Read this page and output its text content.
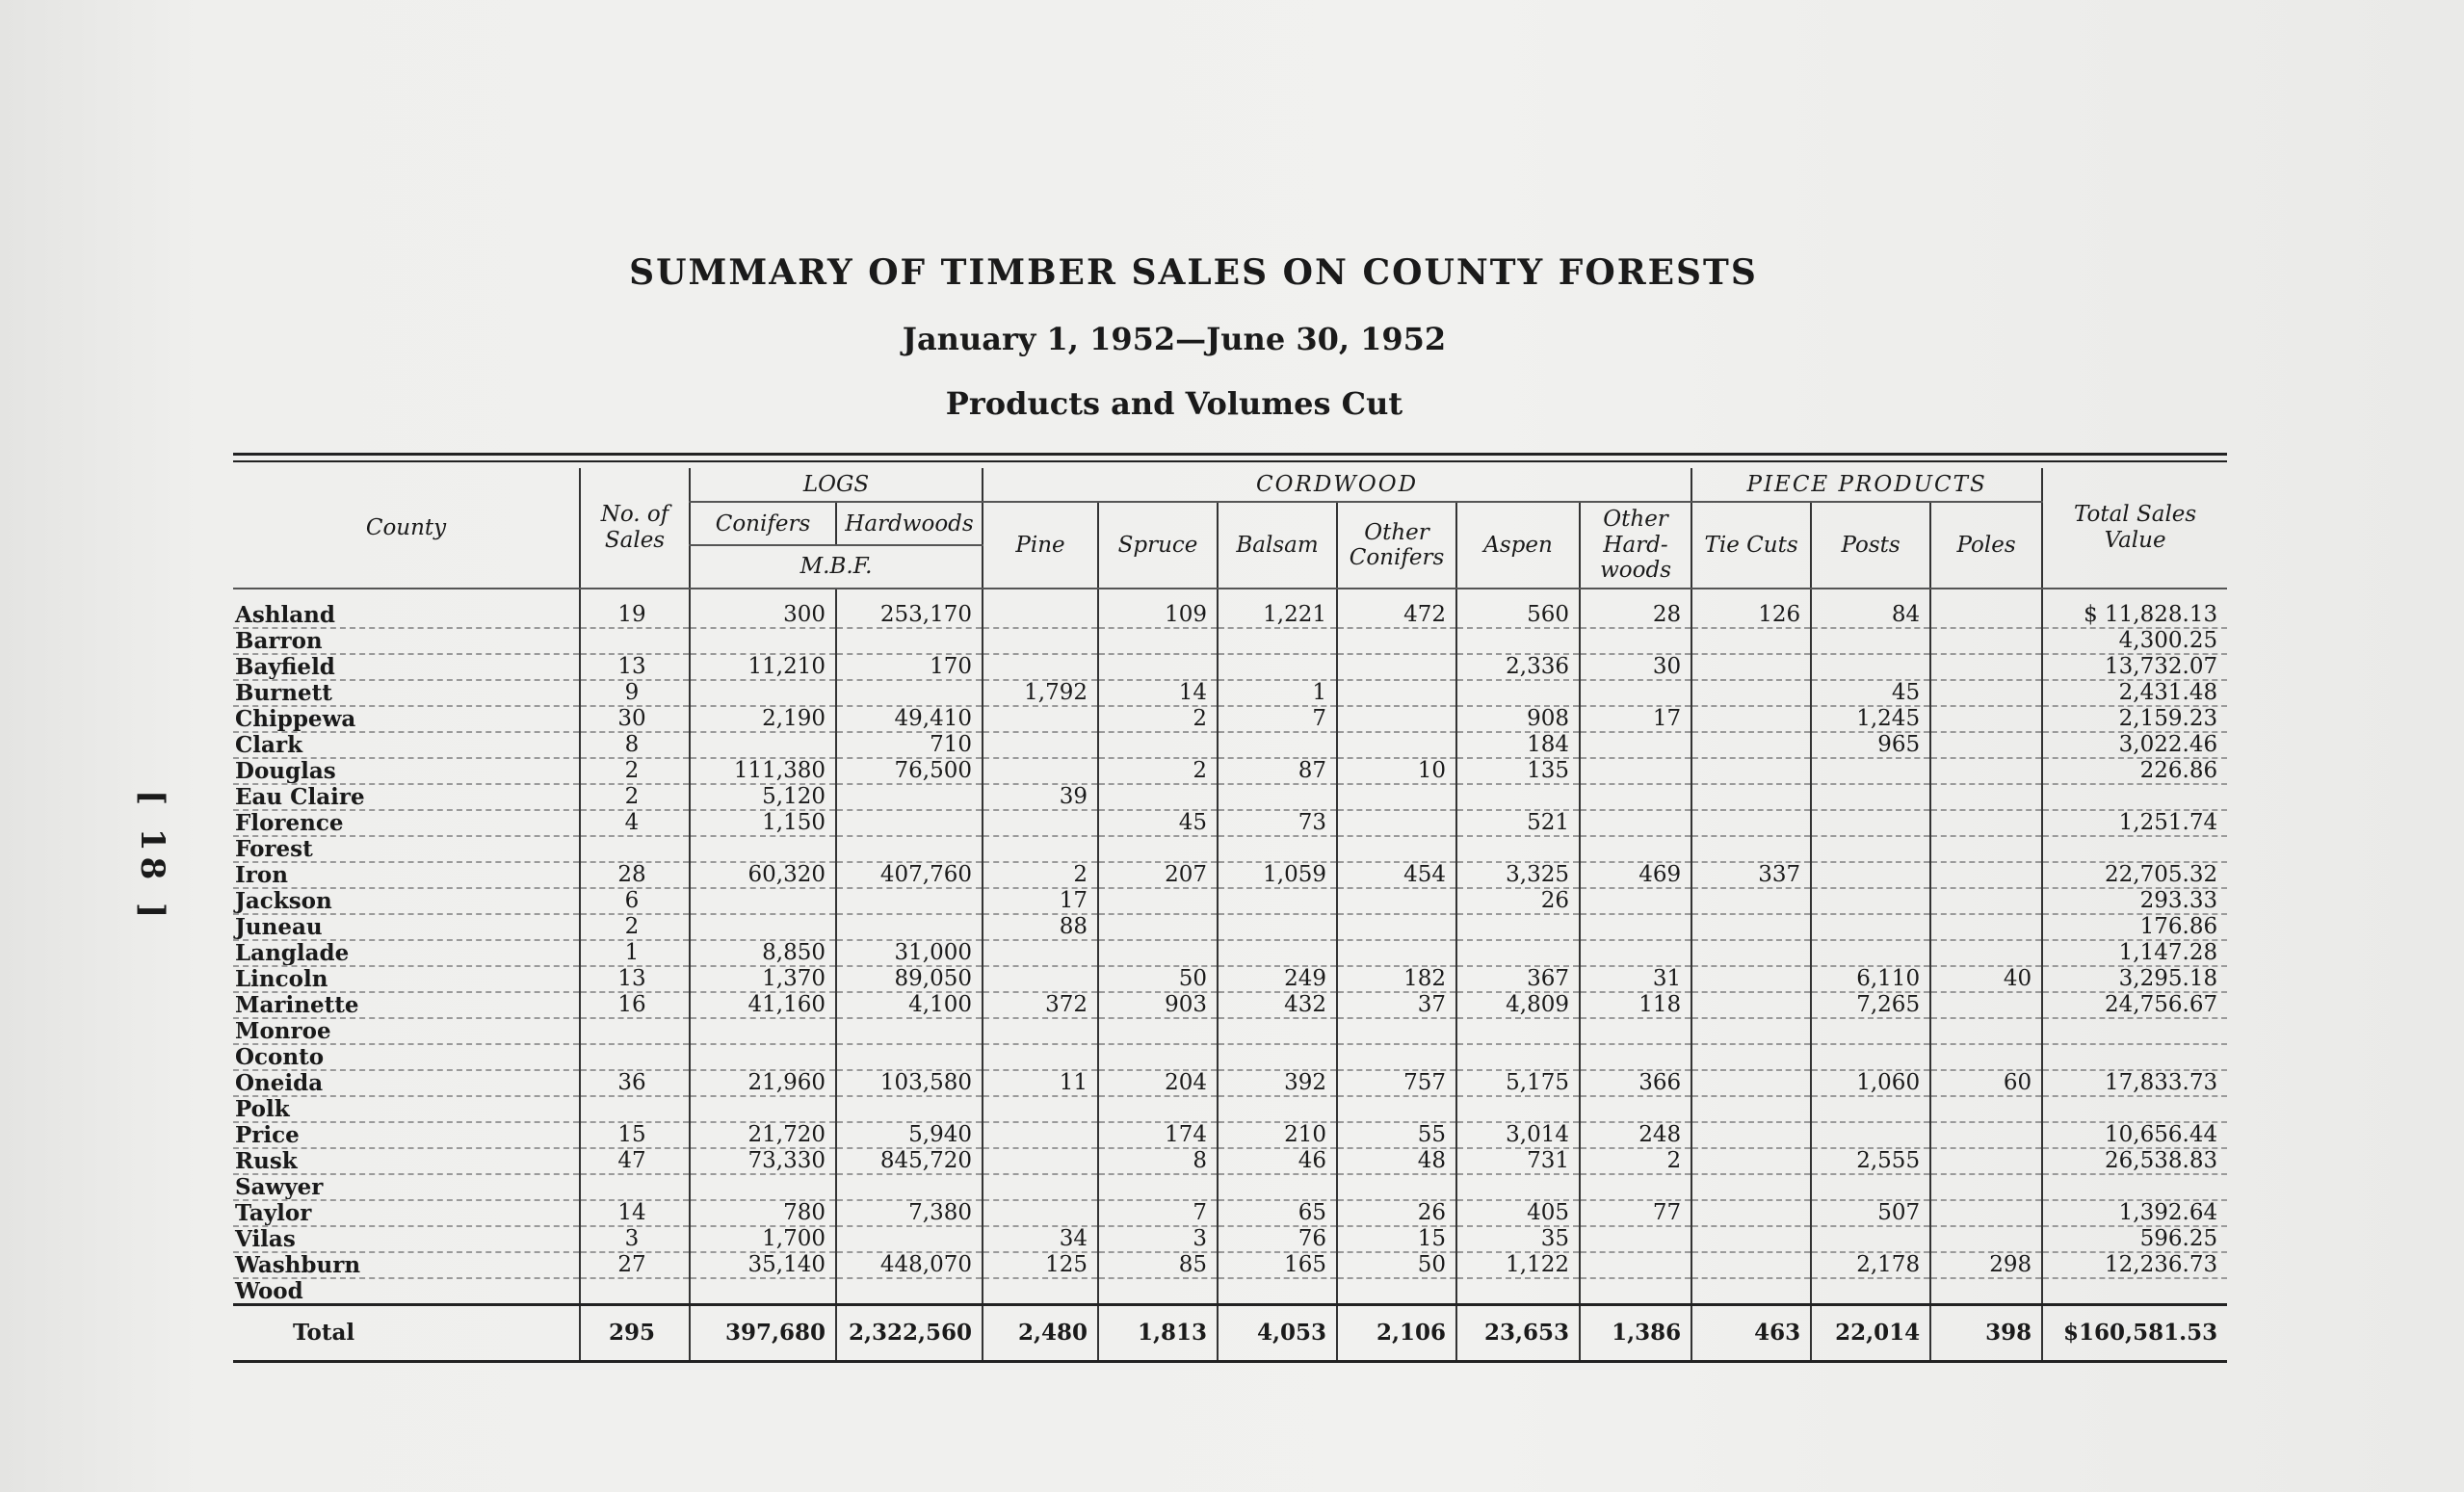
[ 18 ]
SUMMARY OF TIMBER SALES ON COUNTY FORESTS
January 1, 1952—June 30, 1952
Products and Volumes Cut
County	No. of Sales	LOGS		CORDWOOD						PIECE PRODUCTS			Total Sales Value
		Conifers	Hardwoods	Pine	Spruce	Balsam	Other Conifers	Aspen	Other Hard- woods	Tie Cuts	Posts	Poles	
		M.B.F.											
Ashland	19	300	253,170		109	1,221	472	560	28	126	84		$ 11,828.13
Barron													4,300.25
Bayfield	13	11,210	170					2,336	30				13,732.07
Burnett	9			1,792	14	1					45		2,431.48
Chippewa	30	2,190	49,410		2	7		908	17		1,245		2,159.23
Clark	8		710					184			965		3,022.46
Douglas	2	111,380	76,500		2	87	10	135					226.86
Eau Claire	2	5,120		39									
Florence	4	1,150			45	73		521					1,251.74
Forest													
Iron	28	60,320	407,760	2	207	1,059	454	3,325	469	337			22,705.32
Jackson	6			17				26					293.33
Juneau	2			88									176.86
Langlade	1	8,850	31,000										1,147.28
Lincoln	13	1,370	89,050		50	249	182	367	31		6,110	40	3,295.18
Marinette	16	41,160	4,100	372	903	432	37	4,809	118		7,265		24,756.67
Monroe													
Oconto													
Oneida	36	21,960	103,580	11	204	392	757	5,175	366		1,060	60	17,833.73
Polk													
Price	15	21,720	5,940		174	210	55	3,014	248				10,656.44
Rusk	47	73,330	845,720		8	46	48	731	2		2,555		26,538.83
Sawyer													
Taylor	14	780	7,380		7	65	26	405	77		507		1,392.64
Vilas	3	1,700		34	3	76	15	35					596.25
Washburn	27	35,140	448,070	125	85	165	50	1,122			2,178	298	12,236.73
Wood													
Total	295	397,680	2,322,560	2,480	1,813	4,053	2,106	23,653	1,386	463	22,014	398	$160,581.53
